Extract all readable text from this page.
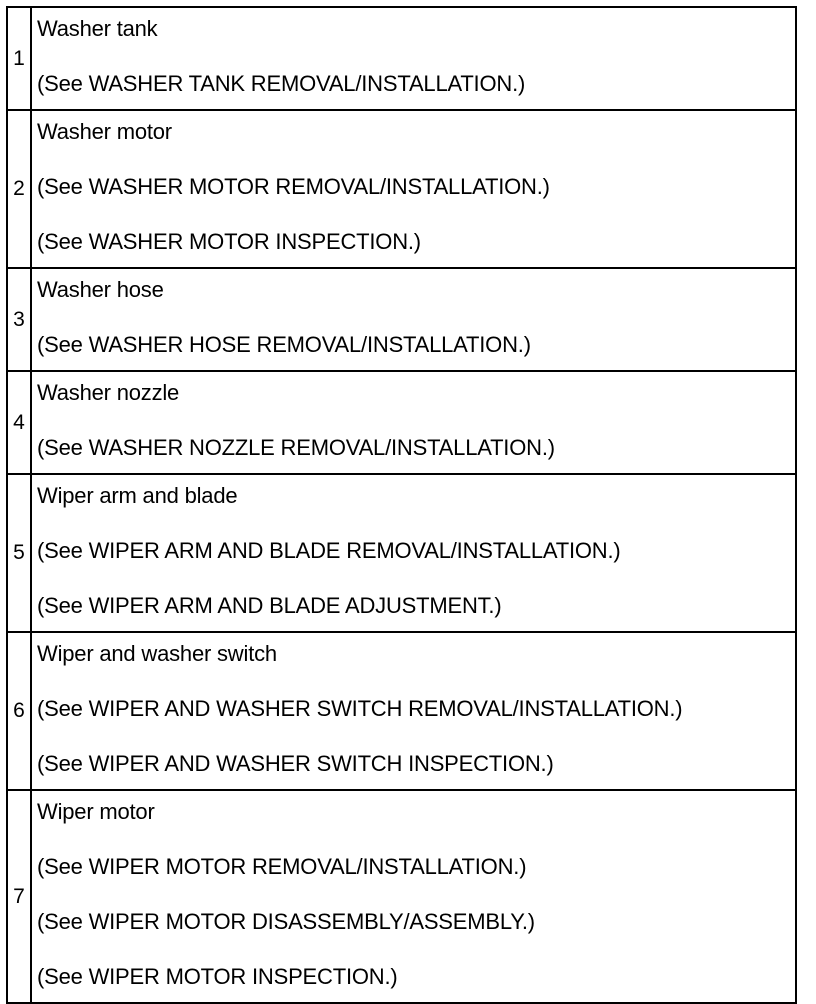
1	Washer tank
(See WASHER TANK REMOVAL/INSTALLATION.)

2	Washer motor
(See WASHER MOTOR REMOVAL/INSTALLATION.)
(See WASHER MOTOR INSPECTION.)

3	Washer hose
(See WASHER HOSE REMOVAL/INSTALLATION.)

4	Washer nozzle
(See WASHER NOZZLE REMOVAL/INSTALLATION.)

5	Wiper arm and blade
(See WIPER ARM AND BLADE REMOVAL/INSTALLATION.)
(See WIPER ARM AND BLADE ADJUSTMENT.)

6	Wiper and washer switch
(See WIPER AND WASHER SWITCH REMOVAL/INSTALLATION.)
(See WIPER AND WASHER SWITCH INSPECTION.)

7	Wiper motor
(See WIPER MOTOR REMOVAL/INSTALLATION.)
(See WIPER MOTOR DISASSEMBLY/ASSEMBLY.)
(See WIPER MOTOR INSPECTION.)
